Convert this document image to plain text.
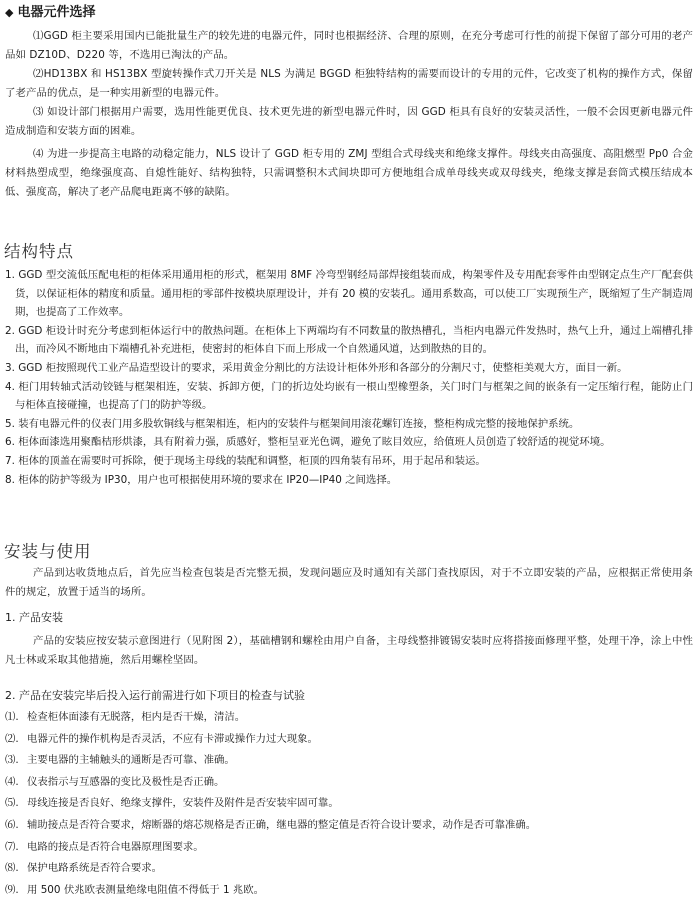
◆ 电器元件选择

⑴GGD 柜主要采用国内已能批量生产的较先进的电器元件，同时也根据经济、合理的原则，在充分考虑可行性的前提下保留了部分可用的老产品如 DZ10D、D220 等，不选用已淘汰的产品。

⑵HD13BX 和 HS13BX 型旋转操作式刀开关是 NLS 为满足 BGGD 柜独特结构的需要而设计的专用的元件，它改变了机构的操作方式，保留了老产品的优点，是一种实用新型的电器元件。

⑶ 如设计部门根据用户需要，选用性能更优良、技术更先进的新型电器元件时，因 GGD 柜具有良好的安装灵活性，一般不会因更新电器元件造成制造和安装方面的困难。

⑷ 为进一步提高主电路的动稳定能力，NLS 设计了 GGD 柜专用的 ZMJ 型组合式母线夹和绝缘支撑件。母线夹由高强度、高阻燃型 Pp0 合金材料热塑成型，绝缘强度高、自熄性能好、结构独特，只需调整积木式间块即可方便地组合成单母线夹或双母线夹，绝缘支撑是套筒式模压结成本低、强度高，解决了老产品爬电距离不够的缺陷。

结构特点
1. GGD 型交流低压配电柜的柜体采用通用柜的形式，框架用 8MF 冷弯型钢经局部焊接组装而成，构架零件及专用配套零件由型钢定点生产厂配套供货，以保证柜体的精度和质量。通用柜的零部件按模块原理设计，并有 20 模的安装孔。通用系数高，可以使工厂实现预生产，既缩短了生产制造周期，也提高了工作效率。
2. GGD 柜设计时充分考虑到柜体运行中的散热问题。在柜体上下两端均有不同数量的散热槽孔，当柜内电器元件发热时，热气上升，通过上端槽孔排出，而冷风不断地由下端槽孔补充进柜，使密封的柜体自下而上形成一个自然通风道，达到散热的目的。
3. GGD 柜按照现代工业产品造型设计的要求，采用黄金分割比的方法设计柜体外形和各部分的分割尺寸，使整柜美观大方，面目一新。
4. 柜门用转轴式活动铰链与框架相连，安装、拆卸方便，门的折边处均嵌有一根山型橡塑条，关门时门与框架之间的嵌条有一定压缩行程，能防止门与柜体直接碰撞，也提高了门的防护等级。
5. 装有电器元件的仪表门用多股软铜线与框架相连，柜内的安装件与框架间用滚花螺钉连接，整柜构成完整的接地保护系统。
6. 柜体面漆选用聚酯桔形烘漆，具有附着力强，质感好，整柜呈亚光色调，避免了眩目效应，给值班人员创造了较舒适的视觉环境。
7. 柜体的顶盖在需要时可拆除，便于现场主母线的装配和调整，柜顶的四角装有吊环，用于起吊和装运。
8. 柜体的防护等级为 IP30，用户也可根据使用环境的要求在 IP20—IP40 之间选择。
安装与使用

产品到达收货地点后，首先应当检查包装是否完整无损，发现问题应及时通知有关部门查找原因，对于不立即安装的产品，应根据正常使用条件的规定，放置于适当的场所。

1. 产品安装

产品的安装应按安装示意图进行（见附图 2），基础槽钢和螺栓由用户自备，主母线整排镀锡安装时应将搭接面修理平整，处理干净，涂上中性凡士林或采取其他措施，然后用螺栓坚固。

2. 产品在安装完毕后投入运行前需进行如下项目的检查与试验
⑴. 检查柜体面漆有无脱落，柜内是否干燥，清洁。
⑵. 电器元件的操作机构是否灵活，不应有卡滞或操作力过大现象。
⑶. 主要电器的主辅触头的通断是否可靠、准确。
⑷. 仪表指示与互感器的变比及极性是否正确。
⑸. 母线连接是否良好、绝缘支撑件，安装件及附件是否安装牢固可靠。
⑹. 辅助接点是否符合要求，熔断器的熔芯规格是否正确，继电器的整定值是否符合设计要求，动作是否可靠准确。
⑺. 电路的接点是否符合电器原理图要求。
⑻. 保护电路系统是否符合要求。
⑼. 用 500 伏兆欧表测量绝缘电阻值不得低于 1 兆欧。
